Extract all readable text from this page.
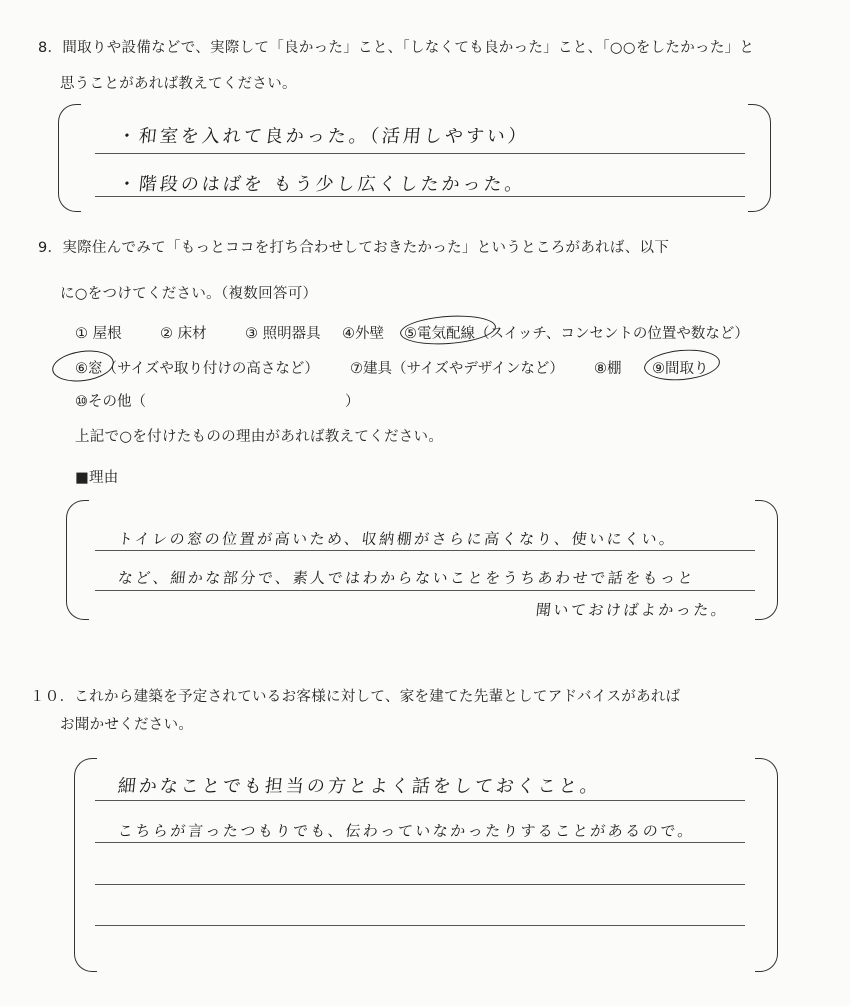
8．間取りや設備などで、実際して「良かった」こと、「しなくても良かった」こと、「○○をしたかった」と
思うことがあれば教えてください。
・和室を入れて良かった。（活用しやすい）
・階段のはばを もう少し広くしたかった。
9．実際住んでみて「もっとココを打ち合わせしておきたかった」というところがあれば、以下
に○をつけてください。（複数回答可）
① 屋根	② 床材	③ 照明器具 ④外壁 ⑤電気配線（スイッチ、コンセントの位置や数など）
⑥窓（サイズや取り付けの高さなど） ⑦建具（サイズやデザインなど） ⑧棚 ⑨間取り
⑩その他（	）
上記で○を付けたものの理由があれば教えてください。
■理由
トイレの窓の位置が高いため、収納棚がさらに高くなり、使いにくい。
など、細かな部分で、素人ではわからないことをうちあわせで話をもっと
聞いておけばよかった。
１０．これから建築を予定されているお客様に対して、家を建てた先輩としてアドバイスがあれば
お聞かせください。
細かなことでも担当の方とよく話をしておくこと。
こちらが言ったつもりでも、伝わっていなかったりすることがあるので。
